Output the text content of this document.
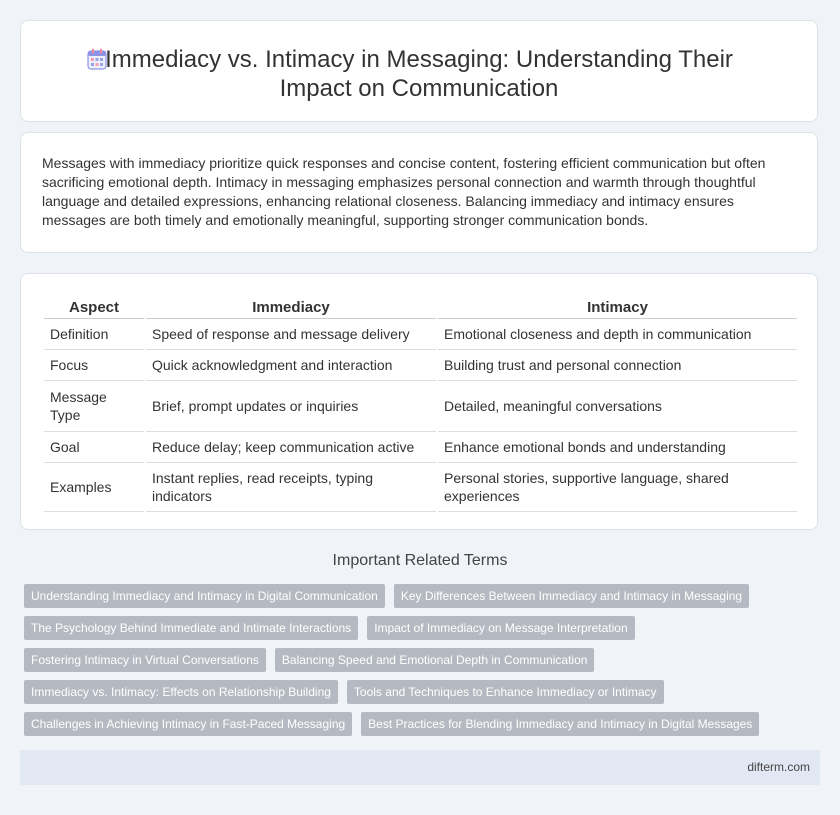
Immediacy vs. Intimacy in Messaging: Understanding Their
Impact on Communication

Messages with immediacy prioritize quick responses and concise content, fostering efficient communication but often sacrificing emotional depth. Intimacy in messaging emphasizes personal connection and warmth through thoughtful language and detailed expressions, enhancing relational closeness. Balancing immediacy and intimacy ensures messages are both timely and emotionally meaningful, supporting stronger communication bonds.

Aspect	Immediacy	Intimacy
Definition	Speed of response and message delivery	Emotional closeness and depth in communication
Focus	Quick acknowledgment and interaction	Building trust and personal connection
Message Type	Brief, prompt updates or inquiries	Detailed, meaningful conversations
Goal	Reduce delay; keep communication active	Enhance emotional bonds and understanding
Examples	Instant replies, read receipts, typing indicators	Personal stories, supportive language, shared experiences
Important Related Terms
Understanding Immediacy and Intimacy in Digital Communication	Key Differences Between Immediacy and Intimacy in Messaging
The Psychology Behind Immediate and Intimate Interactions	Impact of Immediacy on Message Interpretation
Fostering Intimacy in Virtual Conversations	Balancing Speed and Emotional Depth in Communication
Immediacy vs. Intimacy: Effects on Relationship Building	Tools and Techniques to Enhance Immediacy or Intimacy
Challenges in Achieving Intimacy in Fast-Paced Messaging	Best Practices for Blending Immediacy and Intimacy in Digital Messages
difterm.com
